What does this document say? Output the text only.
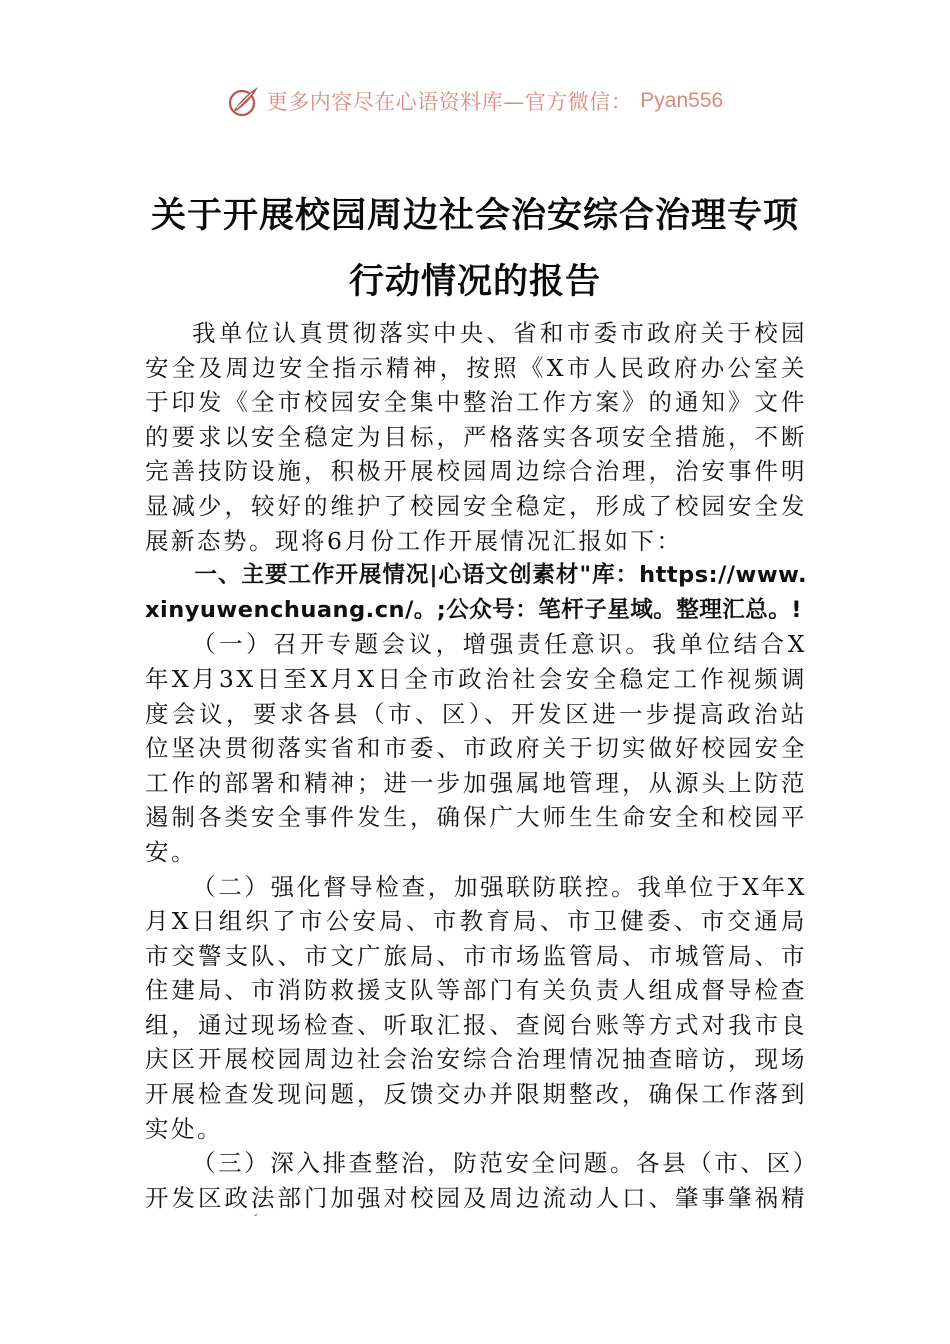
更多内容尽在心语资料库—官方微信： Pyan556
关于开展校园周边社会治安综合治理专项
行动情况的报告

我单位认真贯彻落实中央、省和市委市政府关于校园安全及周边安全指示精神，按照《X市人民政府办公室关于印发《全市校园安全集中整治工作方案》的通知》文件的要求以安全稳定为目标，严格落实各项安全措施，不断完善技防设施，积极开展校园周边综合治理，治安事件明显减少，较好的维护了校园安全稳定，形成了校园安全发展新态势。现将6月份工作开展情况汇报如下：

一、主要工作开展情况|心语文创素材"库：https://www.xinyuwenchuang.cn/。;公众号：笔杆子星域。整理汇总。!

（一）召开专题会议，增强责任意识。我单位结合X年X月3X日至X月X日全市政治社会安全稳定工作视频调度会议，要求各县（市、区）、开发区进一步提高政治站位坚决贯彻落实省和市委、市政府关于切实做好校园安全工作的部署和精神；进一步加强属地管理，从源头上防范遏制各类安全事件发生，确保广大师生生命安全和校园平安。

（二）强化督导检查，加强联防联控。我单位于X年X月X日组织了市公安局、市教育局、市卫健委、市交通局市交警支队、市文广旅局、市市场监管局、市城管局、市住建局、市消防救援支队等部门有关负责人组成督导检查组，通过现场检查、听取汇报、查阅台账等方式对我市良庆区开展校园周边社会治安综合治理情况抽查暗访，现场开展检查发现问题，反馈交办并限期整改，确保工作落到实处。

（三）深入排查整治，防范安全问题。各县（市、区）开发区政法部门加强对校园及周边流动人口、肇事肇祸精
